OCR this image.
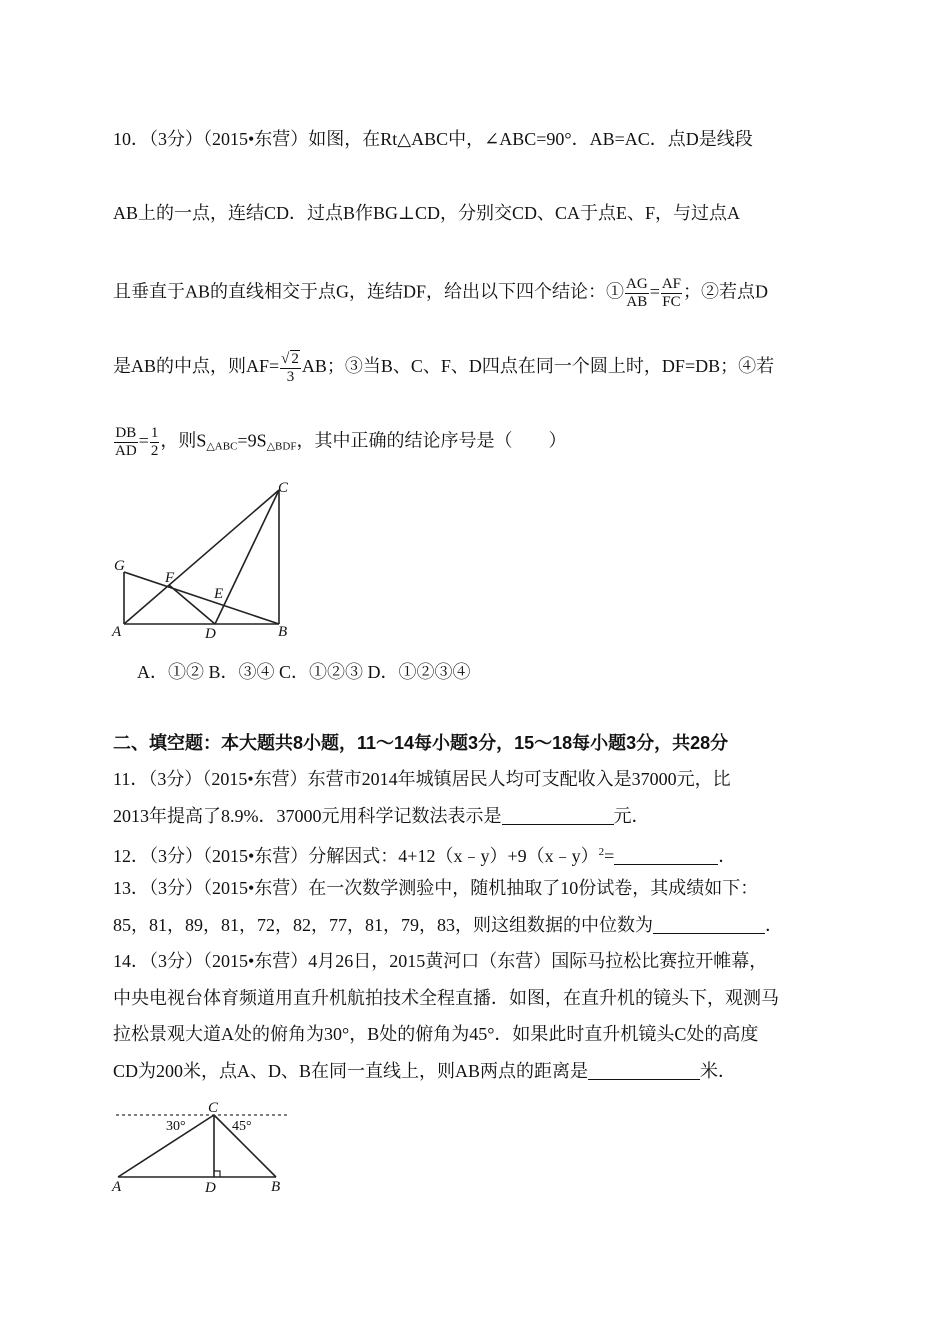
10．（3分）（2015•东营）如图，在Rt△ABC中，∠ABC=90°．AB=AC．点D是线段
AB上的一点，连结CD．过点B作BG⊥CD，分别交CD、CA于点E、F，与过点A
且垂直于AB的直线相交于点G，连结DF，给出以下四个结论：① $\frac{AG}{AB} = \frac{AF}{FC}$ ；②若点D
是AB的中点，则$AF= \frac{√ 2}{3}$ AB；③当B、C、F、D四点在同一个圆上时，DF=DB；④若
$\frac{DB}{AD} = \frac{1}{2}$ ，则$S_{\triangle ABC}=9S_{\triangle BDF}$，其中正确的结论序号是（　　）
G
F
E
A	D	B
C
A．①② B．③④ C．①②③ D．①②③④
二、填空题：本大题共8小题，11～14每小题3分，15～18每小题3分，共28分
11．（3分）（2015•东营）东营市2014年城镇居民人均可支配收入是37000元，比
2013年提高了8.9%．37000元用科学记数法表示是	元．
12．（3分）（2015•东营）分解因式：4+12（x﹣y）+9（x﹣y）$^2$=	．
13．（3分）（2015•东营）在一次数学测验中，随机抽取了10份试卷，其成绩如下：
85，81，89，81，72，82，77，81，79，83，则这组数据的中位数为	．
14．（3分）（2015•东营）4月26日，2015黄河口（东营）国际马拉松比赛拉开帷幕，
中央电视台体育频道用直升机航拍技术全程直播．如图，在直升机的镜头下，观测马
拉松景观大道A处的俯角为30°，B处的俯角为45°．如果此时直升机镜头C处的高度
CD为200米，点A、D、B在同一直线上，则AB两点的距离是	米．
C
30°	45°
A	D	B
